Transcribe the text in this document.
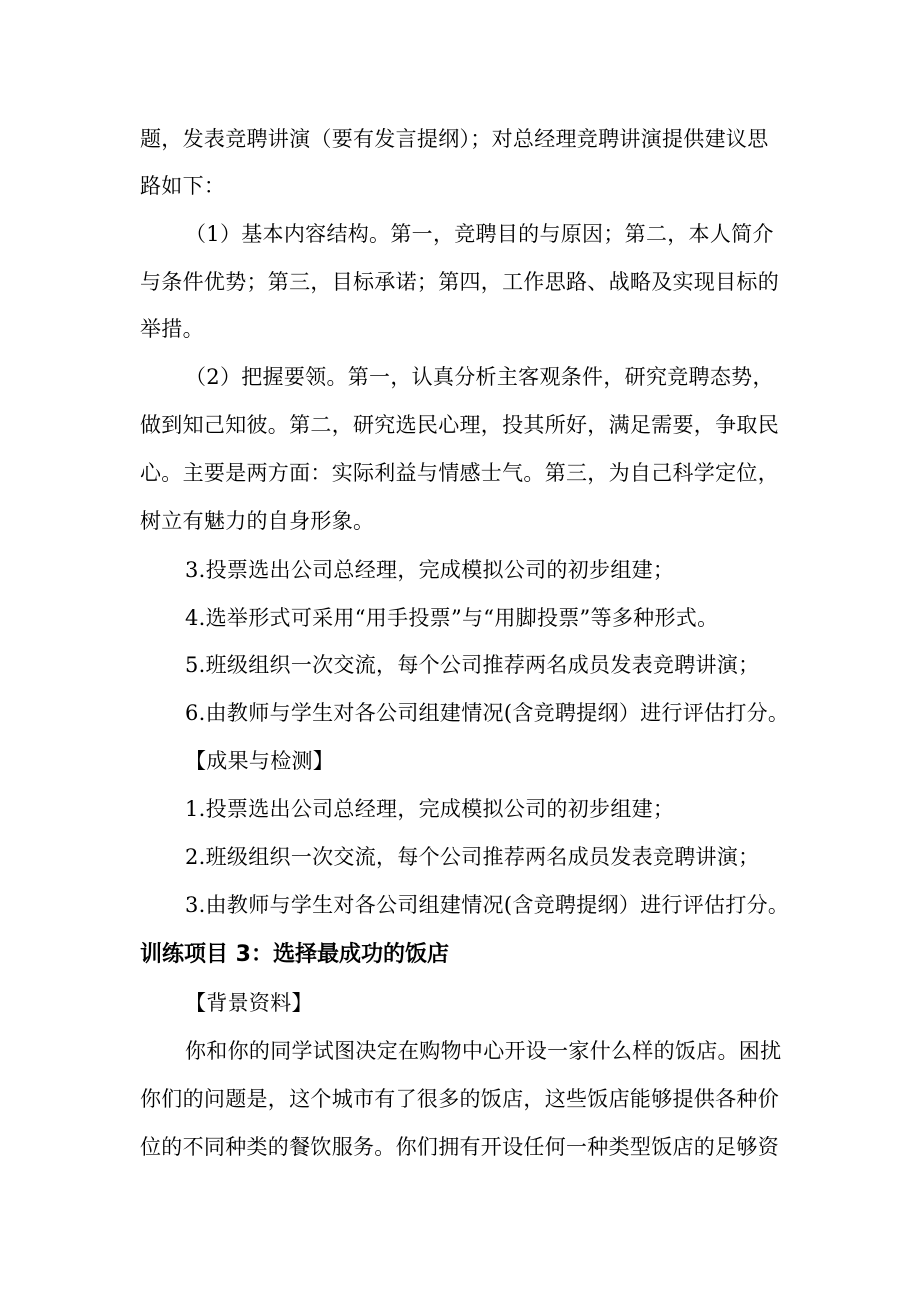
题，发表竞聘讲演（要有发言提纲）；对总经理竞聘讲演提供建议思
路如下：
（1）基本内容结构。第一，竞聘目的与原因；第二，本人简介
与条件优势；第三，目标承诺；第四，工作思路、战略及实现目标的
举措。
（2）把握要领。第一，认真分析主客观条件，研究竞聘态势，
做到知己知彼。第二，研究选民心理，投其所好，满足需要，争取民
心。主要是两方面：实际利益与情感士气。第三，为自己科学定位，
树立有魅力的自身形象。
3.投票选出公司总经理，完成模拟公司的初步组建；
4.选举形式可采用“用手投票”与“用脚投票”等多种形式。
5.班级组织一次交流，每个公司推荐两名成员发表竞聘讲演；
6.由教师与学生对各公司组建情况(含竞聘提纲）进行评估打分。
【成果与检测】
1.投票选出公司总经理，完成模拟公司的初步组建；
2.班级组织一次交流，每个公司推荐两名成员发表竞聘讲演；
3.由教师与学生对各公司组建情况(含竞聘提纲）进行评估打分。
训练项目 3：选择最成功的饭店
【背景资料】
你和你的同学试图决定在购物中心开设一家什么样的饭店。困扰
你们的问题是，这个城市有了很多的饭店，这些饭店能够提供各种价
位的不同种类的餐饮服务。你们拥有开设任何一种类型饭店的足够资
